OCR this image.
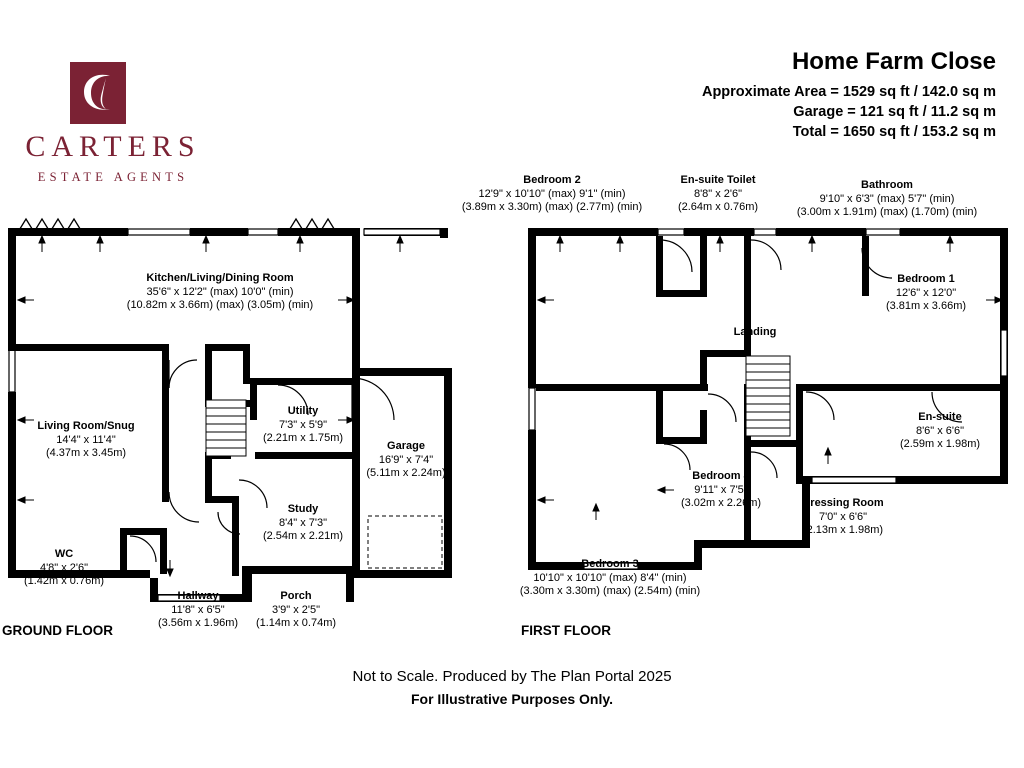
CARTERS
ESTATE AGENTS
Home Farm Close
Approximate Area = 1529 sq ft / 142.0 sq m
Garage = 121 sq ft / 11.2 sq m
Total = 1650 sq ft / 153.2 sq m
Kitchen/Living/Dining Room
35'6" x 12'2" (max) 10'0" (min)
(10.82m x 3.66m) (max) (3.05m) (min)
Living Room/Snug
14'4" x 11'4"
(4.37m x 3.45m)
Utility
7'3" x 5'9"
(2.21m x 1.75m)
Garage
16'9" x 7'4"
(5.11m x 2.24m)
Study
8'4" x 7'3"
(2.54m x 2.21m)
WC
4'8" x 2'6"
(1.42m x 0.76m)
Hallway
11'8" x 6'5"
(3.56m x 1.96m)
Porch
3'9" x 2'5"
(1.14m x 0.74m)
Bedroom 2
12'9" x 10'10" (max) 9'1" (min)
(3.89m x 3.30m) (max) (2.77m) (min)
En-suite Toilet
8'8" x 2'6"
(2.64m x 0.76m)
Bathroom
9'10" x 6'3" (max) 5'7" (min)
(3.00m x 1.91m) (max) (1.70m) (min)
Bedroom 1
12'6" x 12'0"
(3.81m x 3.66m)
Landing
En-suite
8'6" x 6'6"
(2.59m x 1.98m)
Dressing Room
7'0" x 6'6"
(2.13m x 1.98m)
Bedroom 4
9'11" x 7'5"
(3.02m x 2.26m)
Bedroom 3
10'10" x 10'10" (max) 8'4" (min)
(3.30m x 3.30m) (max) (2.54m) (min)
GROUND FLOOR	FIRST FLOOR
Not to Scale. Produced by The Plan Portal 2025
For Illustrative Purposes Only.
